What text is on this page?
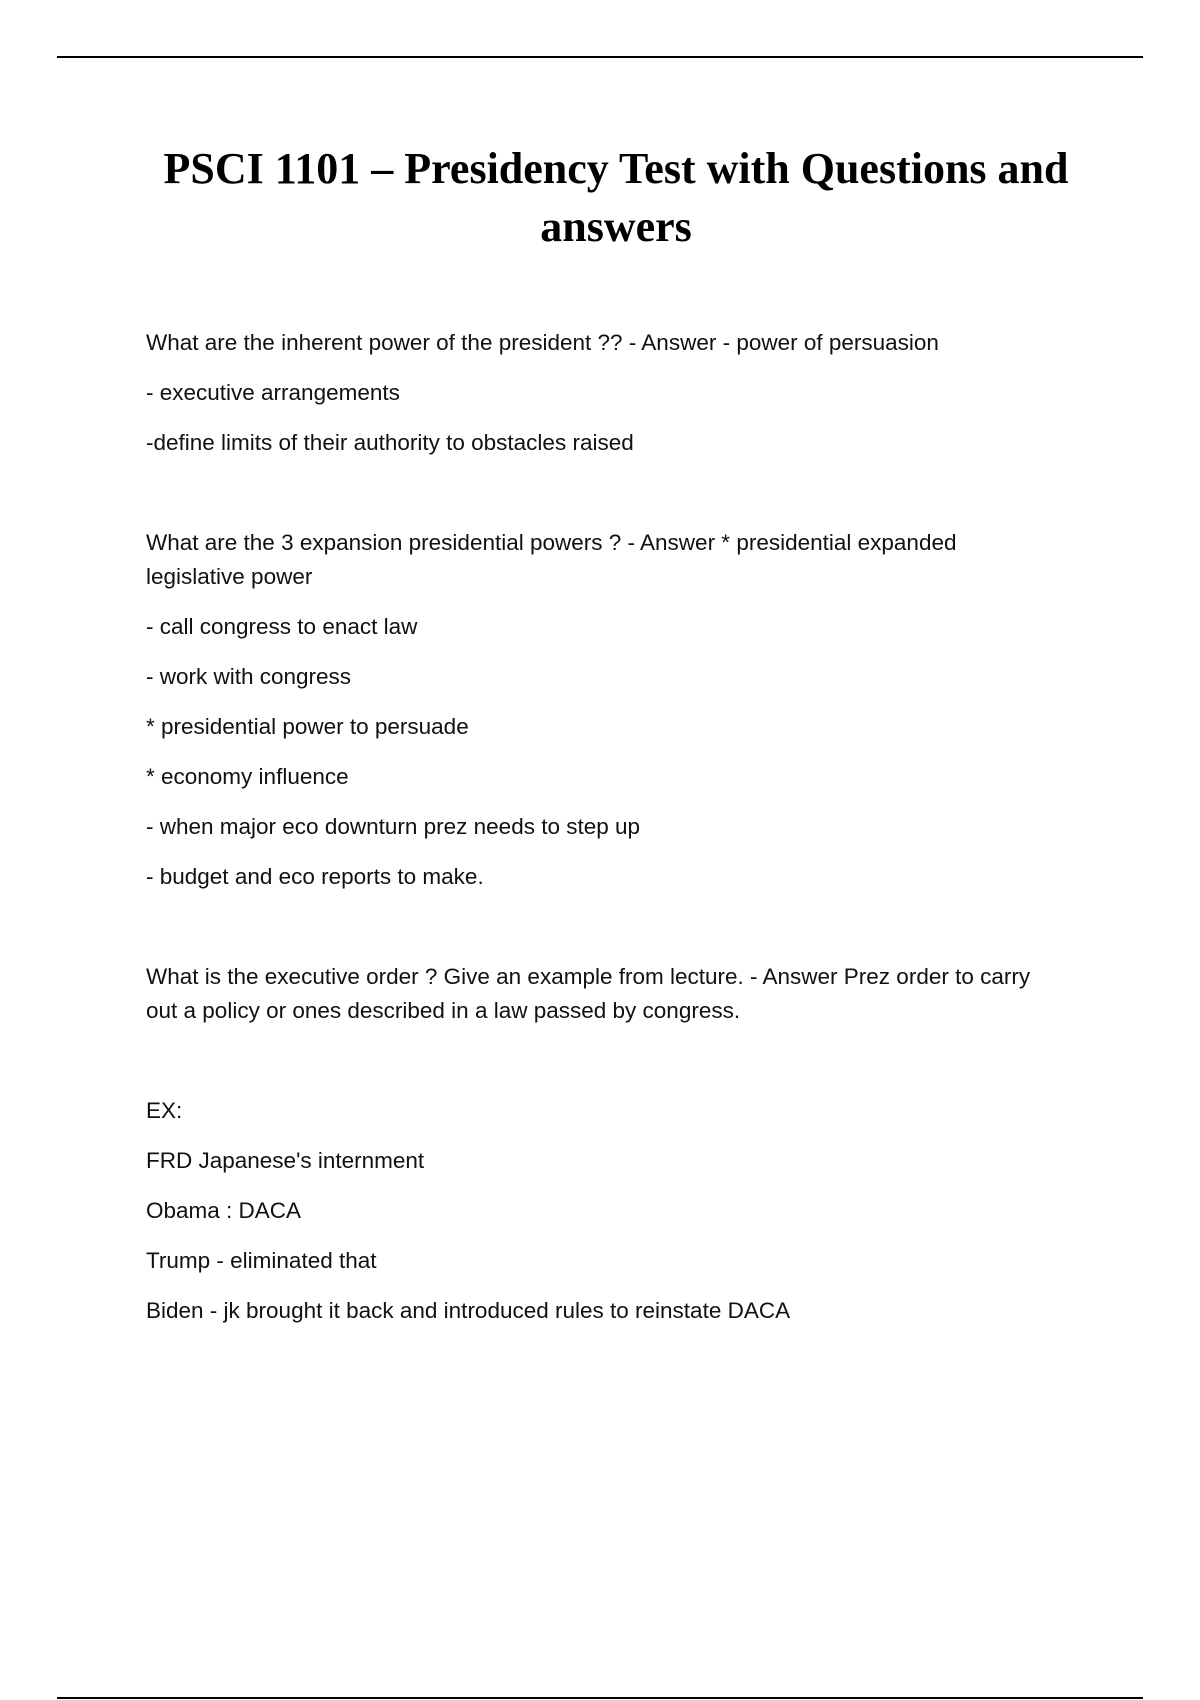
PSCI 1101 – Presidency Test with Questions and answers

What are the inherent power of the president ?? - Answer - power of persuasion

- executive arrangements

-define limits of their authority to obstacles raised

What are the 3 expansion presidential powers ? - Answer * presidential expanded legislative power

- call congress to enact law

- work with congress

* presidential power to persuade

* economy influence

- when major eco downturn prez needs to step up

- budget and eco reports to make.

What is the executive order ? Give an example from lecture. - Answer Prez order to carry out a policy or ones described in a law passed by congress.

EX:

FRD Japanese's internment

Obama : DACA

Trump - eliminated that

Biden - jk brought it back and introduced rules to reinstate DACA
